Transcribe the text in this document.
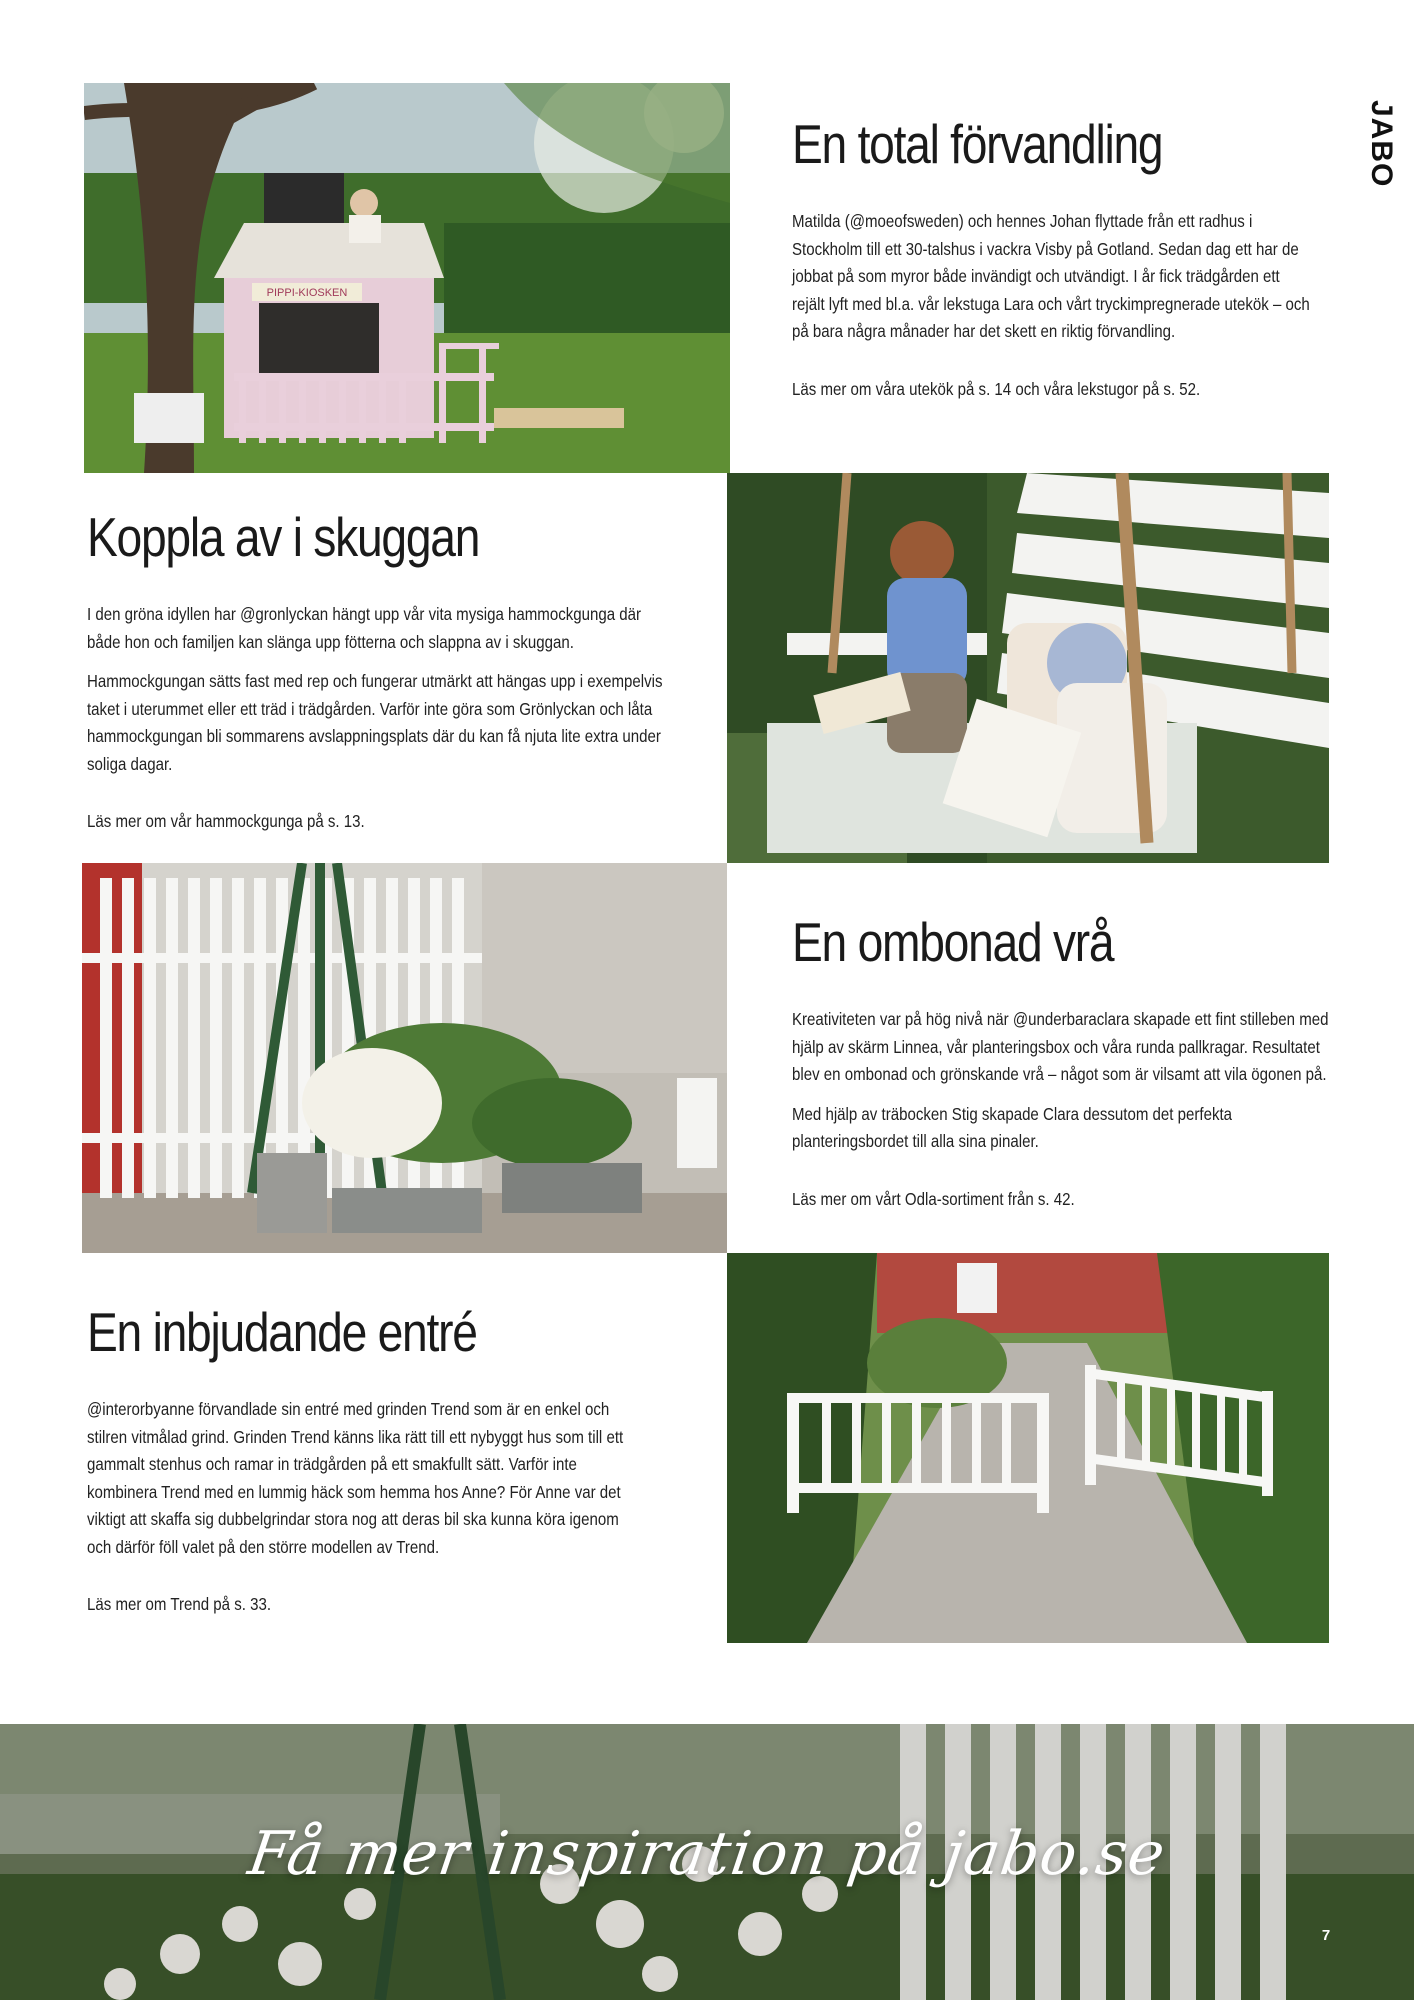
JABO
PIPPI-KIOSKEN
En total förvandling

Matilda (@moeofsweden) och hennes Johan flyttade från ett radhus i Stockholm till ett 30-talshus i vackra Visby på Gotland. Sedan dag ett har de jobbat på som myror både invändigt och utvändigt. I år fick trädgården ett rejält lyft med bl.a. vår lekstuga Lara och vårt tryckimpregnerade utekök – och på bara några månader har det skett en riktig förvandling.

Läs mer om våra utekök på s. 14 och våra lekstugor på s. 52.

Koppla av i skuggan

I den gröna idyllen har @gronlyckan hängt upp vår vita mysiga hammockgunga där både hon och familjen kan slänga upp fötterna och slappna av i skuggan.

Hammockgungan sätts fast med rep och fungerar utmärkt att hängas upp i exempelvis taket i uterummet eller ett träd i trädgården. Varför inte göra som Grönlyckan och låta hammockgungan bli sommarens avslappningsplats där du kan få njuta lite extra under soliga dagar.

Läs mer om vår hammockgunga på s. 13.

En ombonad vrå

Kreativiteten var på hög nivå när @underbaraclara skapade ett fint stilleben med hjälp av skärm Linnea, vår planteringsbox och våra runda pallkragar. Resultatet blev en ombonad och grönskande vrå – något som är vilsamt att vila ögonen på.

Med hjälp av träbocken Stig skapade Clara dessutom det perfekta planteringsbordet till alla sina pinaler.

Läs mer om vårt Odla-sortiment från s. 42.

En inbjudande entré

@interorbyanne förvandlade sin entré med grinden Trend som är en enkel och stilren vitmålad grind. Grinden Trend känns lika rätt till ett nybyggt hus som till ett gammalt stenhus och ramar in trädgården på ett smakfullt sätt. Varför inte kombinera Trend med en lummig häck som hemma hos Anne? För Anne var det viktigt att skaffa sig dubbelgrindar stora nog att deras bil ska kunna köra igenom och därför föll valet på den större modellen av Trend.

Läs mer om Trend på s. 33.

Få mer inspiration på jabo.se
7
